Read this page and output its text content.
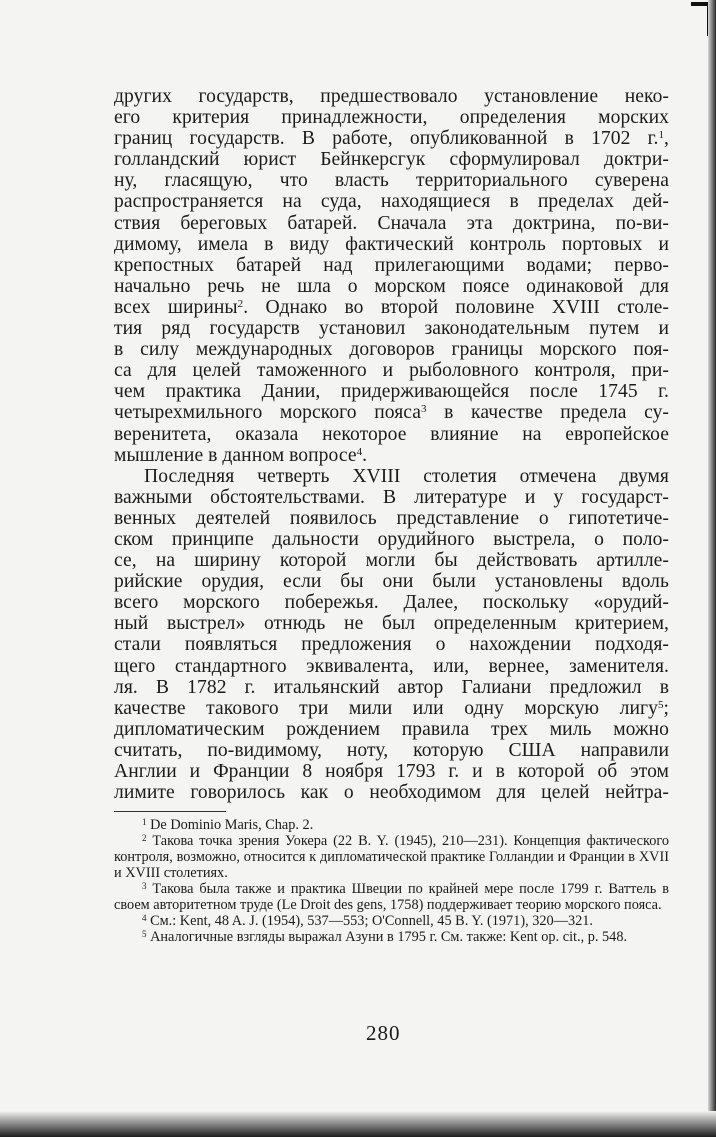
других государств, предшествовало установление неко-

его критерия принадлежности, определения морских

границ государств. В работе, опубликованной в 1702 г.$^1$,

голландский юрист Бейнкерсгук сформулировал доктри-

ну, гласящую, что власть территориального суверена

распространяется на суда, находящиеся в пределах дей-

ствия береговых батарей. Сначала эта доктрина, по-ви-

димому, имела в виду фактический контроль портовых и

крепостных батарей над прилегающими водами; перво-

начально речь не шла о морском поясе одинаковой для

всех ширины$^2$. Однако во второй половине XVIII столе-

тия ряд государств установил законодательным путем и

в силу международных договоров границы морского поя-

са для целей таможенного и рыболовного контроля, при-

чем практика Дании, придерживающейся после 1745 г.

четырехмильного морского пояса$^3$ в качестве предела су-

веренитета, оказала некоторое влияние на европейское

мышление в данном вопросе$^4$.

Последняя четверть XVIII столетия отмечена двумя

важными обстоятельствами. В литературе и у государст-

венных деятелей появилось представление о гипотетиче-

ском принципе дальности орудийного выстрела, о поло-

се, на ширину которой могли бы действовать артилле-

рийские орудия, если бы они были установлены вдоль

всего морского побережья. Далее, поскольку «орудий-

ный выстрел» отнюдь не был определенным критерием,

стали появляться предложения о нахождении подходя-

щего стандартного эквивалента, или, вернее, заменителя.

ля. В 1782 г. итальянский автор Галиани предложил в

качестве такового три мили или одну морскую лигу$^5$;

дипломатическим рождением правила трех миль можно

считать, по-видимому, ноту, которую США направили

Англии и Франции 8 ноября 1793 г. и в которой об этом

лимите говорилось как о необходимом для целей нейтра-

$^1$ De Dominio Maris, Chap. 2.

$^2$ Такова точка зрения Уокера (22 B. Y. (1945), 210—231). Концепция фактического контроля, возможно, относится к дипломатической практике Голландии и Франции в XVII и XVIII столетиях.

$^3$ Такова была также и практика Швеции по крайней мере после 1799 г. Ваттель в своем авторитетном труде (Le Droit des gens, 1758) поддерживает теорию морского пояса.

$^4$ См.: Kent, 48 A. J. (1954), 537—553; O'Connell, 45 B. Y. (1971), 320—321.

$^5$ Аналогичные взгляды выражал Азуни в 1795 г. См. также: Kent op. cit., p. 548.

280
